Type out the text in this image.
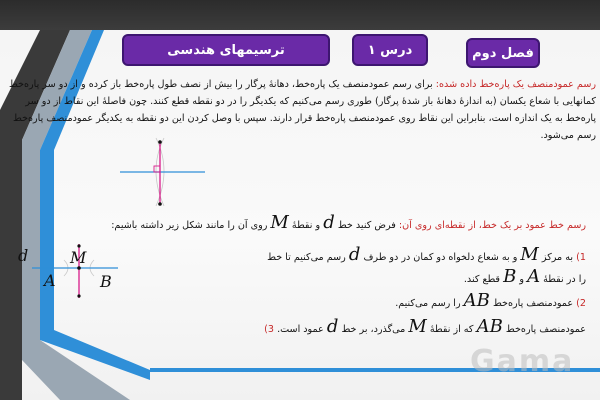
فصل دوم
درس ۱
ترسیمهای هندسی
رسم عمودمنصف یک پاره‌خط داده شده: برای رسم عمودمنصف یک پاره‌خط، دهانهٔ پرگار را بیش از نصف طول پاره‌خط باز کرده و از دو سر پاره‌خط کمانهایی با شعاع یکسان (به اندازهٔ دهانهٔ باز شدهٔ پرگار) طوری رسم می‌کنیم که یکدیگر را در دو نقطه قطع کنند. چون فاصلهٔ این نقاط از دو سر پاره‌خط به یک اندازه است، بنابراین این نقاط روی عمودمنصف پاره‌خط قرار دارند. سپس با وصل کردن این دو نقطه به یکدیگر عمودمنصف پاره‌خط رسم می‌شود.
رسم خط عمود بر یک خط، از نقطه‌ای روی آن: فرض کنید خط d و نقطهٔ M روی آن را مانند شکل زیر داشته باشیم:
1) به مرکز M و به شعاع دلخواه دو کمان در دو طرف d رسم می‌کنیم تا خط
را در نقطهٔ A و B قطع کند.
2) عمودمنصف پاره‌خط AB را رسم می‌کنیم.
عمودمنصف پاره‌خط AB که از نقطهٔ M می‌گذرد، بر خط d عمود است. 3)
d	M
A	B
Gama
